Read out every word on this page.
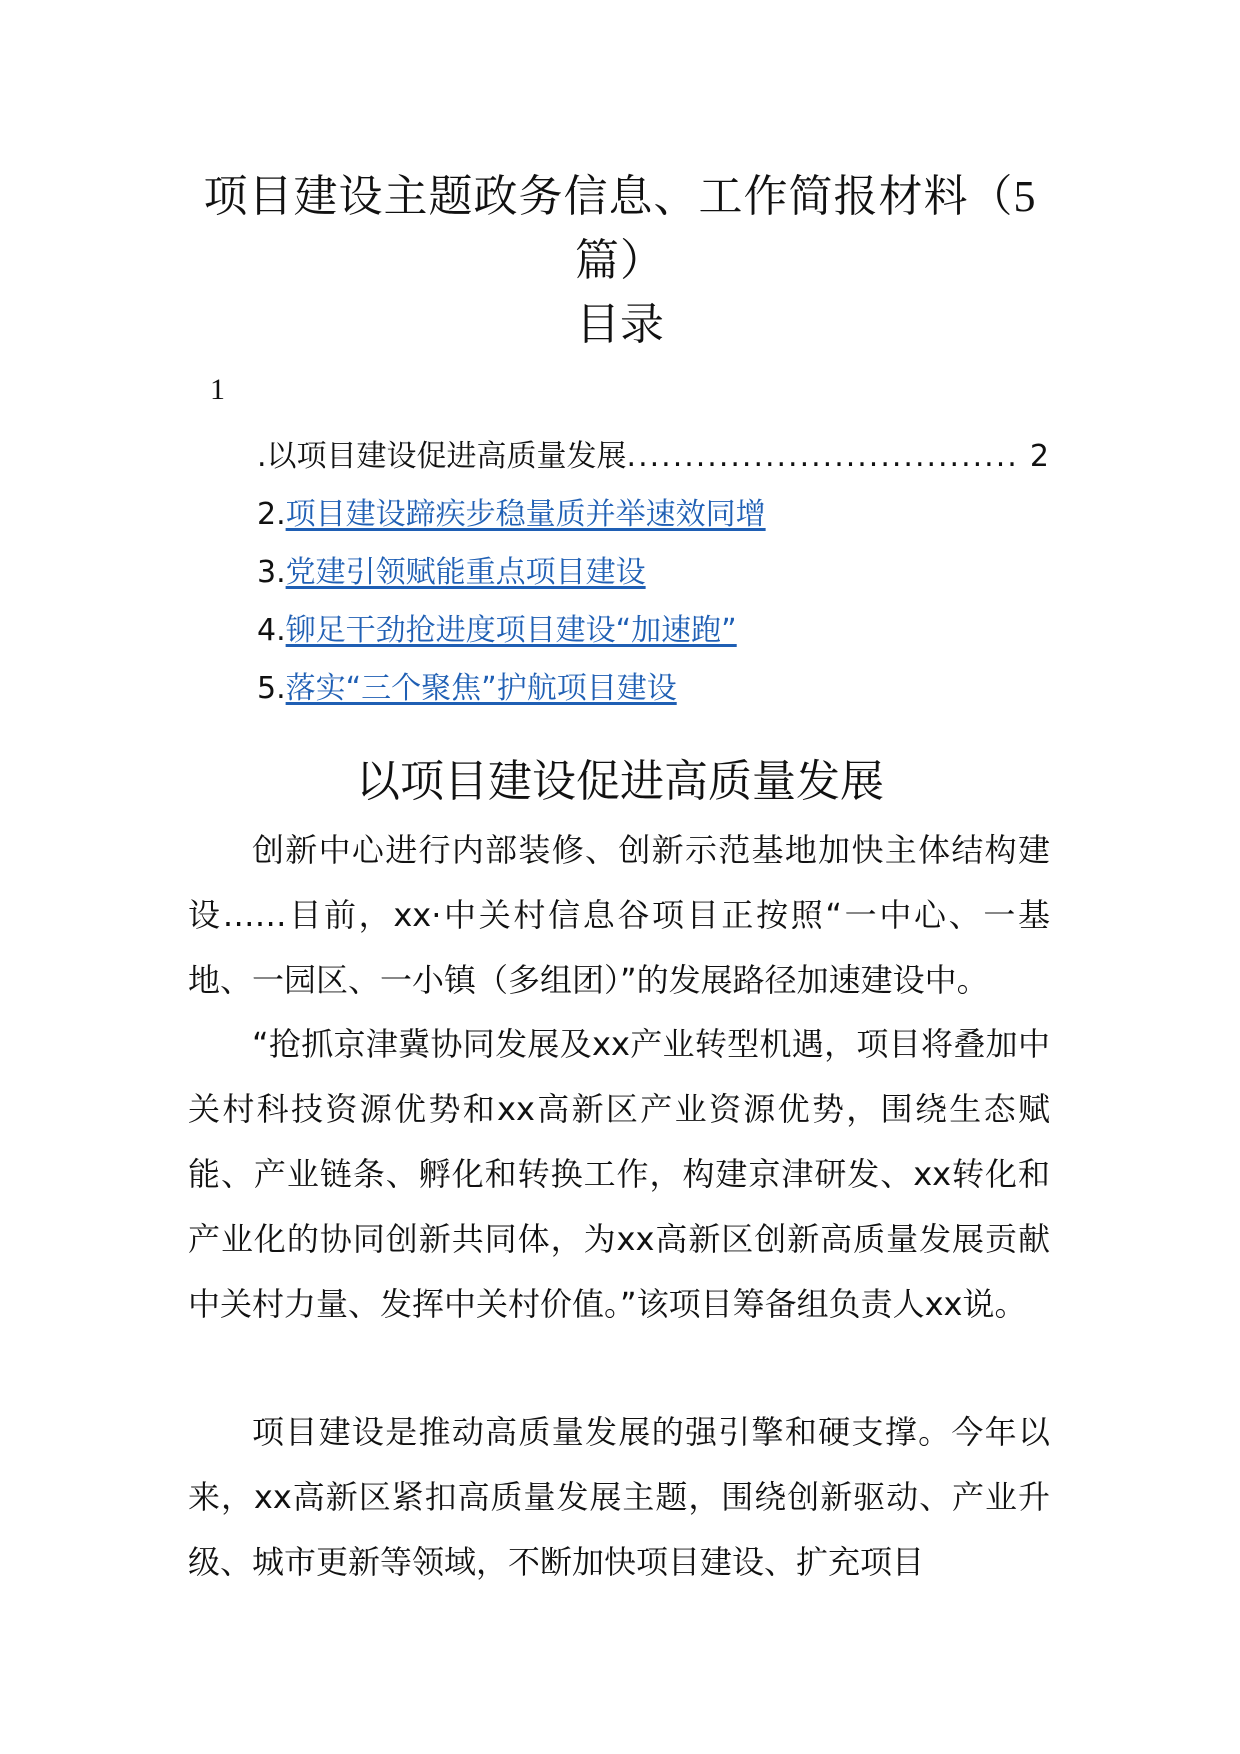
项目建设主题政务信息、工作简报材料（5
篇）
目录
1
.以项目建设促进高质量发展 .................................. 2
2.项目建设蹄疾步稳量质并举速效同增
3.党建引领赋能重点项目建设
4.铆足干劲抢进度项目建设“加速跑”
5.落实“三个聚焦”护航项目建设
以项目建设促进高质量发展

创新中心进行内部装修、创新示范基地加快主体结构建设……目前，xx·中关村信息谷项目正按照“一中心、一基地、一园区、一小镇（多组团）”的发展路径加速建设中。

“抢抓京津冀协同发展及xx产业转型机遇，项目将叠加中关村科技资源优势和xx高新区产业资源优势，围绕生态赋能、产业链条、孵化和转换工作，构建京津研发、xx转化和产业化的协同创新共同体，为xx高新区创新高质量发展贡献中关村力量、发挥中关村价值。”该项目筹备组负责人xx说。

项目建设是推动高质量发展的强引擎和硬支撑。今年以来，xx高新区紧扣高质量发展主题，围绕创新驱动、产业升级、城市更新等领域，不断加快项目建设、扩充项目
